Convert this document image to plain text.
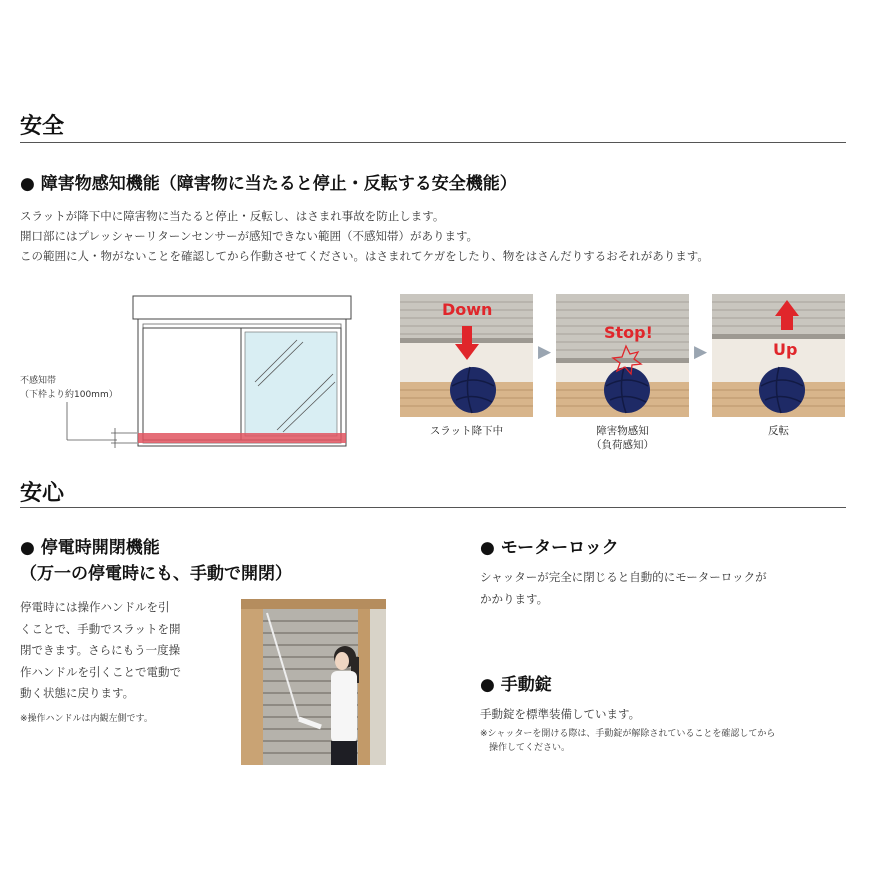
安全
● 障害物感知機能（障害物に当たると停止・反転する安全機能）
スラットが降下中に障害物に当たると停止・反転し、はさまれ事故を防止します。
開口部にはプレッシャーリターンセンサーが感知できない範囲（不感知帯）があります。
この範囲に人・物がないことを確認してから作動させてください。はさまれてケガをしたり、物をはさんだりするおそれがあります。
不感知帯
（下枠より約100mm）
Down
▶
Stop!
▶	Up
スラット降下中	障害物感知
（負荷感知）
反転
安心
● 停電時開閉機能
（万一の停電時にも、手動で開閉）
停電時には操作ハンドルを引
くことで、手動でスラットを開
閉できます。さらにもう一度操
作ハンドルを引くことで電動で
動く状態に戻ります。
※操作ハンドルは内観左側です。
● モーターロック
シャッターが完全に閉じると自動的にモーターロックが
かかります。
● 手動錠
手動錠を標準装備しています。
※シャッターを開ける際は、手動錠が解除されていることを確認してから
　操作してください。
